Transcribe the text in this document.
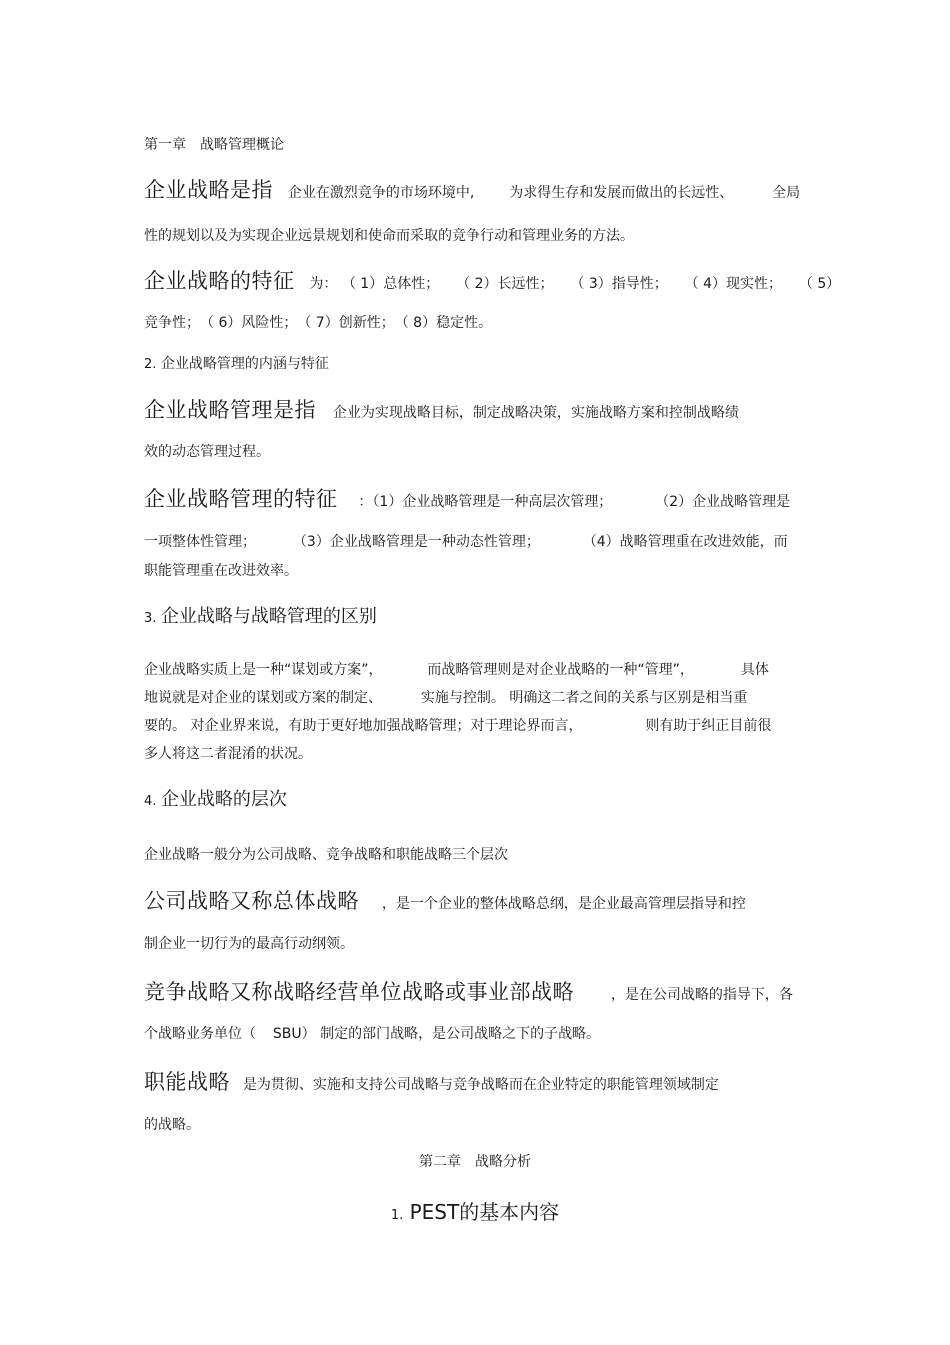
第一章　战略管理概论
企业战略是指 企业在激烈竞争的市场环境中, 为求得生存和发展而做出的长远性、	全局
性的规划以及为实现企业远景规划和使命而采取的竞争行动和管理业务的方法。
企业战略的特征 为： （ 1）总体性； （ 2）长远性； （ 3）指导性； （ 4）现实性； （ 5）
竞争性；　（ 6）风险性；　（ 7）创新性；　（ 8）稳定性。
2. 企业战略管理的内涵与特征
企业战略管理是指 企业为实现战略目标，制定战略决策，实施战略方案和控制战略绩
效的动态管理过程。
企业战略管理的特征 ：（1）企业战略管理是一种高层次管理；	（2）企业战略管理是
一项整体性管理；	（3）企业战略管理是一种动态性管理；	（4）战略管理重在改进效能，而
职能管理重在改进效率。
3. 企业战略与战略管理的区别
企业战略实质上是一种“谋划或方案”，	而战略管理则是对企业战略的一种“管理”，	具体
地说就是对企业的谋划或方案的制定、	实施与控制。 明确这二者之间的关系与区别是相当重
要的。 对企业界来说，有助于更好地加强战略管理；对于理论界而言，	则有助于纠正目前很
多人将这二者混淆的状况。
4. 企业战略的层次
企业战略一般分为公司战略、竞争战略和职能战略三个层次
公司战略又称总体战略 ，是一个企业的整体战略总纲，是企业最高管理层指导和控
制企业一切行为的最高行动纲领。
竞争战略又称战略经营单位战略或事业部战略	，是在公司战略的指导下，各
个战略业务单位（ SBU） 制定的部门战略，是公司战略之下的子战略。
职能战略 是为贯彻、实施和支持公司战略与竞争战略而在企业特定的职能管理领域制定
的战略。
第二章　战略分析
1. PEST的基本内容
